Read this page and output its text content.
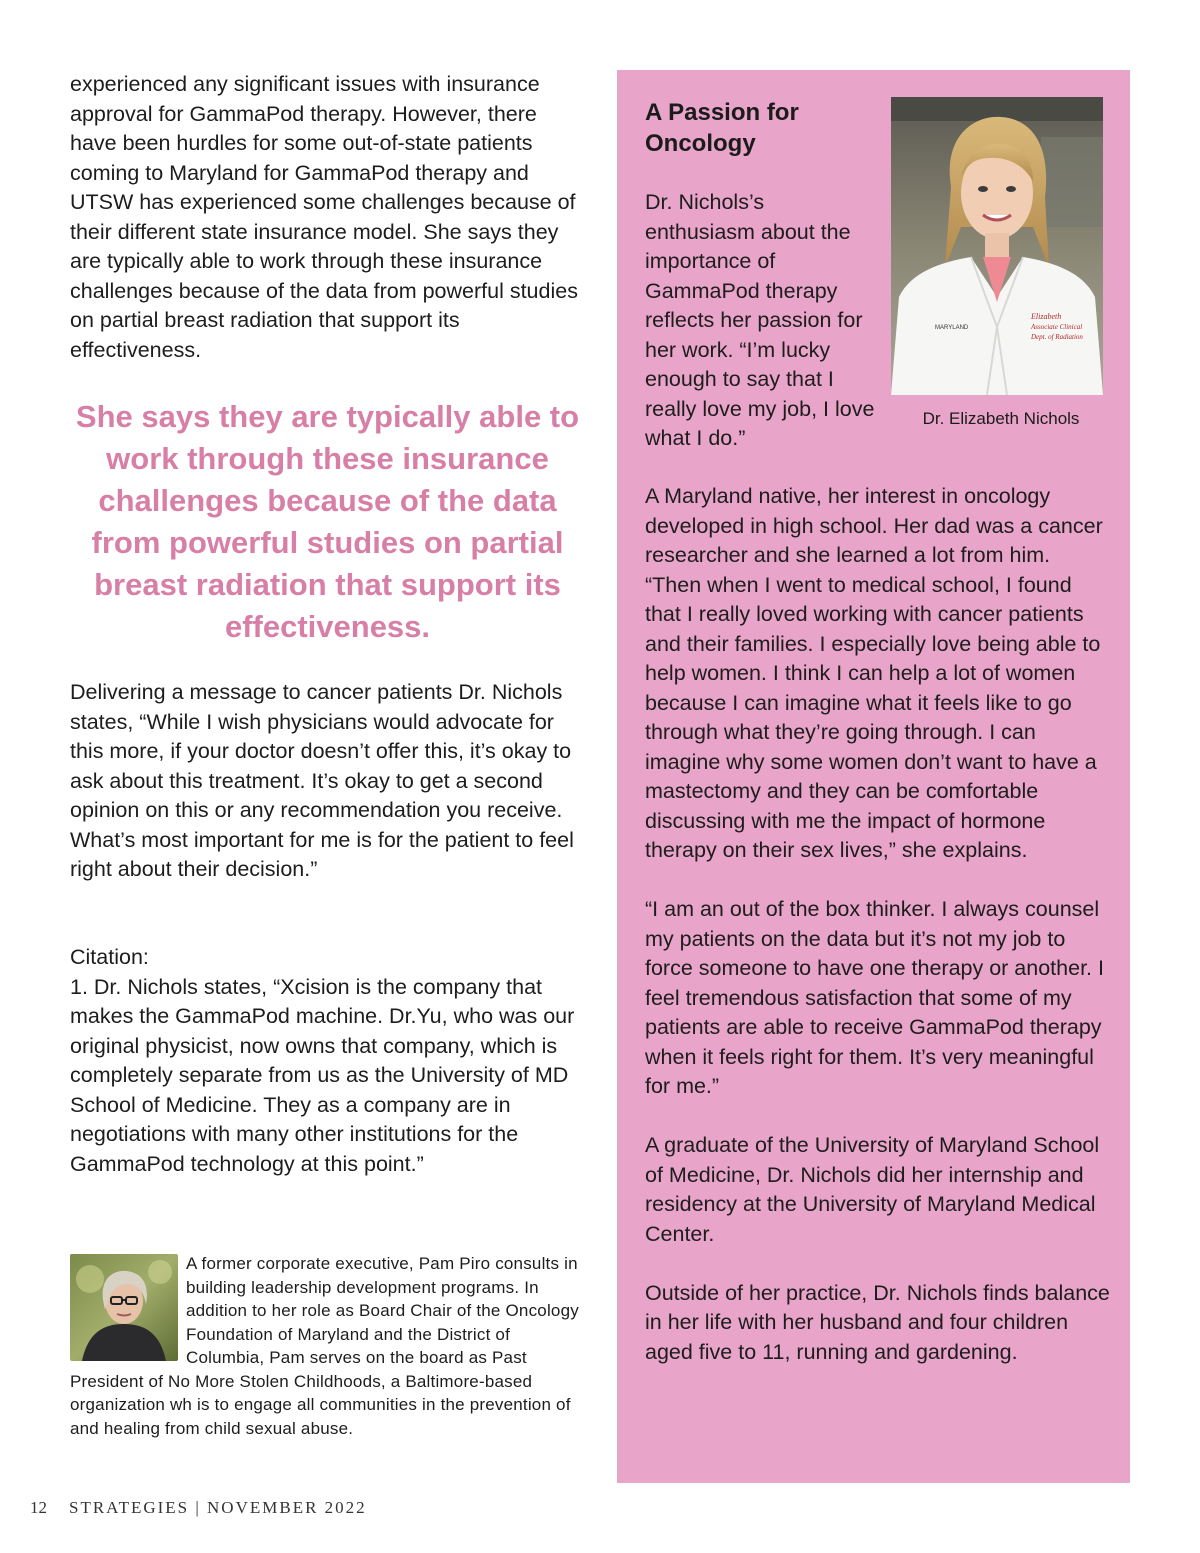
experienced any significant issues with insurance approval for GammaPod therapy. However, there have been hurdles for some out-of-state patients coming to Maryland for GammaPod therapy and UTSW has experienced some challenges because of their different state insurance model. She says they are typically able to work through these insurance challenges because of the data from powerful studies on partial breast radiation that support its effectiveness.

She says they are typically able to work through these insurance challenges because of the data from powerful studies on partial breast radiation that support its effectiveness.

Delivering a message to cancer patients Dr. Nichols states, “While I wish physicians would advocate for this more, if your doctor doesn’t offer this, it’s okay to ask about this treatment. It’s okay to get a second opinion on this or any recommendation you receive. What’s most important for me is for the patient to feel right about their decision.”

Citation:

1. Dr. Nichols states, “Xcision is the company that makes the GammaPod machine. Dr.Yu, who was our original physicist, now owns that company, which is completely separate from us as the University of MD School of Medicine. They as a company are in negotiations with many other institutions for the GammaPod technology at this point.”

A former corporate executive, Pam Piro consults in building leadership development programs. In addition to her role as Board Chair of the Oncology Foundation of Maryland and the District of Columbia, Pam serves on the board as Past President of No More Stolen Childhoods, a Baltimore-based organization wh is to engage all communities in the prevention of and healing from child sexual abuse.

A Passion for Oncology

Dr. Nichols’s enthusiasm about the importance of GammaPod therapy reflects her passion for her work. “I’m lucky enough to say that I really love my job, I love what I do.”

Elizabeth
Associate Clinical
Dept. of Radiation
MARYLAND

Dr. Elizabeth Nichols

A Maryland native, her interest in oncology developed in high school. Her dad was a cancer researcher and she learned a lot from him. “Then when I went to medical school, I found that I really loved working with cancer patients and their families. I especially love being able to help women. I think I can help a lot of women because I can imagine what it feels like to go through what they’re going through. I can imagine why some women don’t want to have a mastectomy and they can be comfortable discussing with me the impact of hormone therapy on their sex lives,” she explains.

“I am an out of the box thinker. I always counsel my patients on the data but it’s not my job to force someone to have one therapy or another. I feel tremendous satisfaction that some of my patients are able to receive GammaPod therapy when it feels right for them. It’s very meaningful for me.”

A graduate of the University of Maryland School of Medicine, Dr. Nichols did her internship and residency at the University of Maryland Medical Center.

Outside of her practice, Dr. Nichols finds balance in her life with her husband and four children aged five to 11, running and gardening.

12 STRATEGIES | NOVEMBER 2022
